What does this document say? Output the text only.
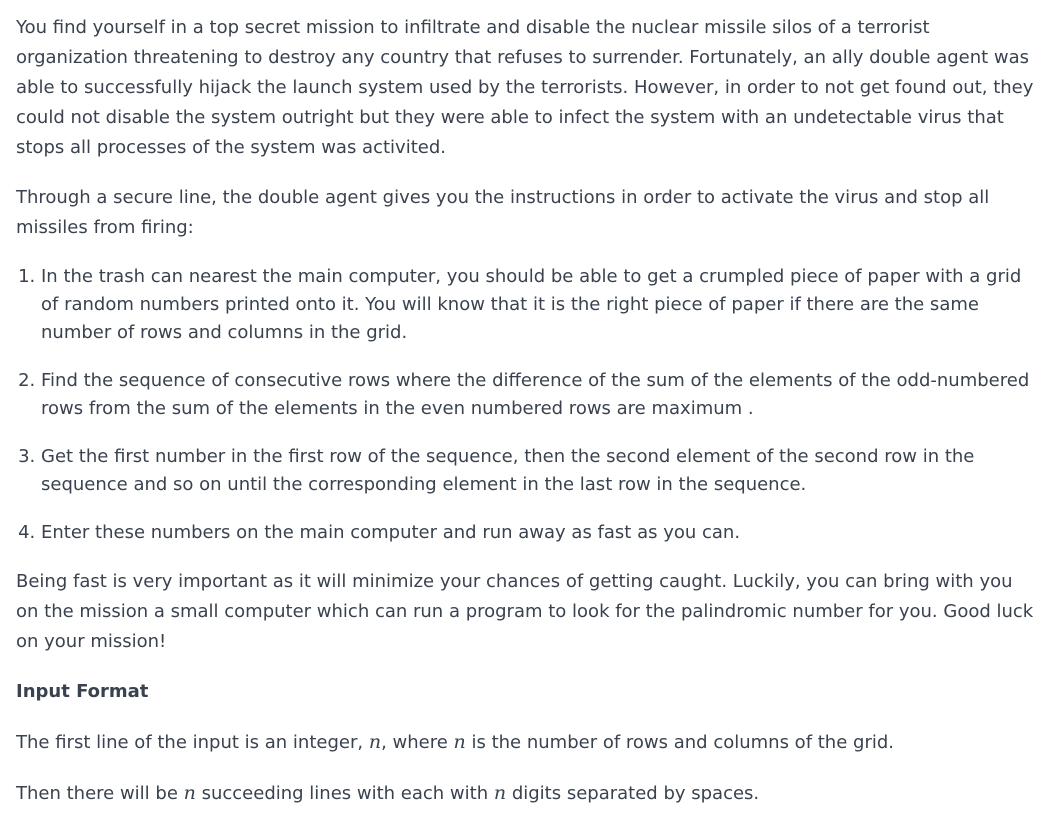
You find yourself in a top secret mission to infiltrate and disable the nuclear missile silos of a terrorist organization threatening to destroy any country that refuses to surrender. Fortunately, an ally double agent was able to successfully hijack the launch system used by the terrorists. However, in order to not get found out, they could not disable the system outright but they were able to infect the system with an undetectable virus that stops all processes of the system was activited.

Through a secure line, the double agent gives you the instructions in order to activate the virus and stop all missiles from firing:

1. In the trash can nearest the main computer, you should be able to get a crumpled piece of paper with a grid of random numbers printed onto it. You will know that it is the right piece of paper if there are the same number of rows and columns in the grid.
2. Find the sequence of consecutive rows where the difference of the sum of the elements of the odd-numbered rows from the sum of the elements in the even numbered rows are maximum .
3. Get the first number in the first row of the sequence, then the second element of the second row in the sequence and so on until the corresponding element in the last row in the sequence.
4. Enter these numbers on the main computer and run away as fast as you can.

Being fast is very important as it will minimize your chances of getting caught. Luckily, you can bring with you on the mission a small computer which can run a program to look for the palindromic number for you. Good luck on your mission!

Input Format

The first line of the input is an integer, n, where n is the number of rows and columns of the grid.

Then there will be n succeeding lines with each with n digits separated by spaces.
